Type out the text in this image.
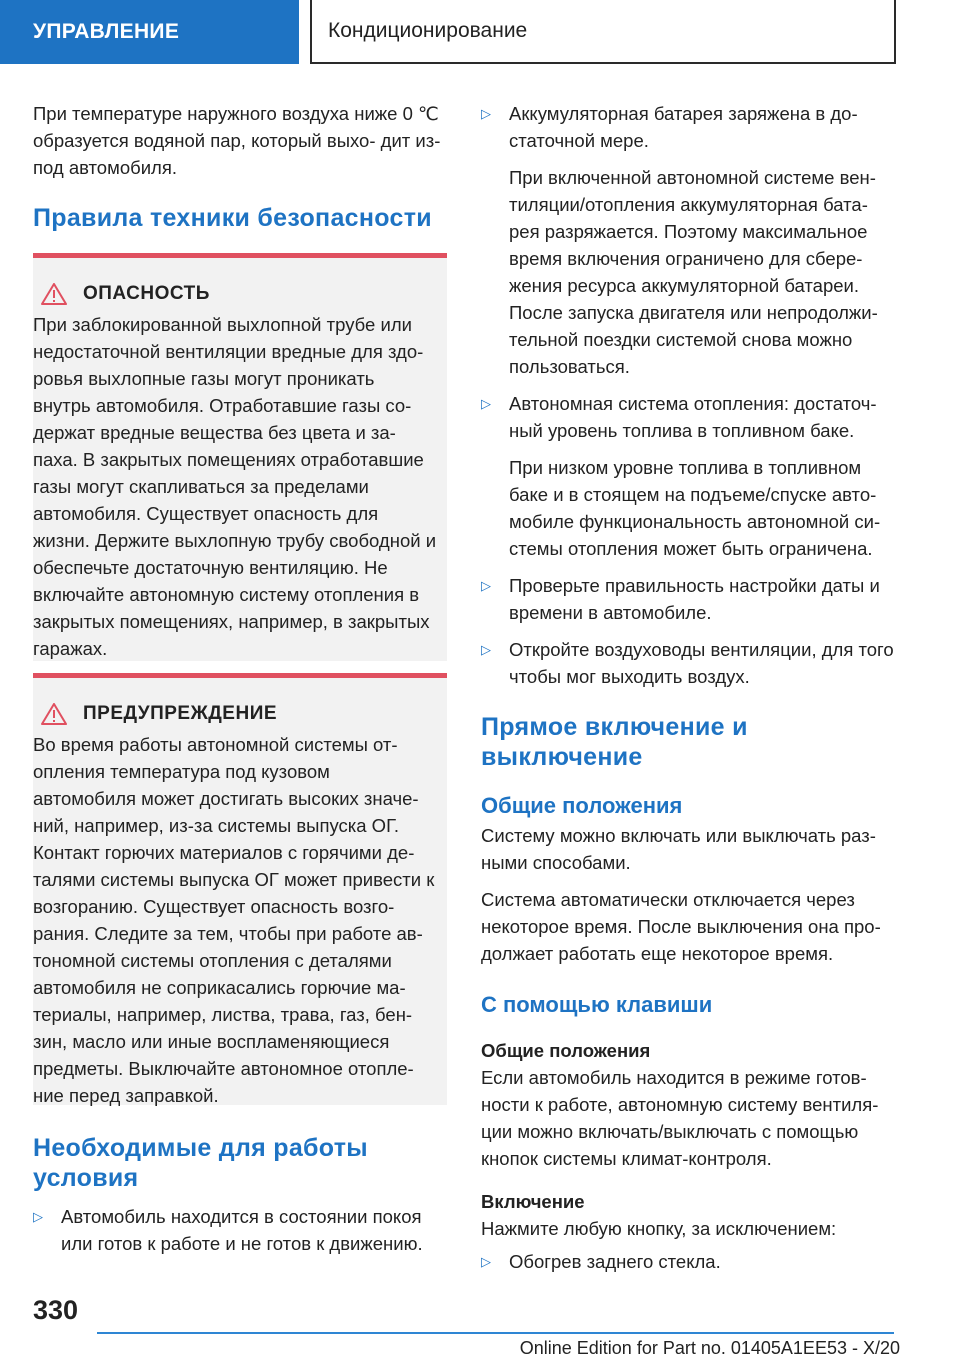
УПРАВЛЕНИЕ	Кондиционирование

При температуре наружного воздуха ниже 0 ℃ образуется водяной пар, который выхо‐ дит из-под автомобиля.

Правила техники безопасности
ОПАСНОСТЬ

При заблокированной выхлопной трубе или недостаточной вентиляции вредные для здо‐ ровья выхлопные газы могут проникать внутрь автомобиля. Отработавшие газы со‐ держат вредные вещества без цвета и за‐ паха. В закрытых помещениях отработавшие газы могут скапливаться за пределами автомобиля. Существует опасность для жизни. Держите выхлопную трубу свободной и обеспечьте достаточную вентиляцию. Не включайте автономную систему отопления в закрытых помещениях, например, в закрытых гаражах.

ПРЕДУПРЕЖДЕНИЕ

Во время работы автономной системы от‐ опления температура под кузовом автомобиля может достигать высоких значе‐ ний, например, из-за системы выпуска ОГ. Контакт горючих материалов с горячими де‐ талями системы выпуска ОГ может привести к возгоранию. Существует опасность возго‐ рания. Следите за тем, чтобы при работе ав‐ тономной системы отопления с деталями автомобиля не соприкасались горючие ма‐ териалы, например, листва, трава, газ, бен‐ зин, масло или иные воспламеняющиеся предметы. Выключайте автономное отопле‐ ние перед заправкой.

Необходимые для работы условия
▷ Автомобиль находится в состоянии покоя или готов к работе и не готов к движению.

▷ Аккумуляторная батарея заряжена в до‐ статочной мере.

При включенной автономной системе вен‐ тиляции/отопления аккумуляторная бата‐ рея разряжается. Поэтому максимальное время включения ограничено для сбере‐ жения ресурса аккумуляторной батареи. После запуска двигателя или непродолжи‐ тельной поездки системой снова можно пользоваться.

▷ Автономная система отопления: достаточ‐ ный уровень топлива в топливном баке.

При низком уровне топлива в топливном баке и в стоящем на подъеме/спуске авто‐ мобиле функциональность автономной си‐ стемы отопления может быть ограничена.

▷ Проверьте правильность настройки даты и времени в автомобиле.

▷ Откройте воздуховоды вентиляции, для того чтобы мог выходить воздух.

Прямое включение и выключение
Общие положения

Систему можно включать или выключать раз‐ ными способами.

Система автоматически отключается через некоторое время. После выключения она про‐ должает работать еще некоторое время.

С помощью клавиши
Общие положения

Если автомобиль находится в режиме готов‐ ности к работе, автономную систему вентиля‐ ции можно включать/выключать с помощью кнопок системы климат-контроля.

Включение

Нажмите любую кнопку, за исключением:

▷ Обогрев заднего стекла.

330
Online Edition for Part no. 01405A1EE53 - X/20
